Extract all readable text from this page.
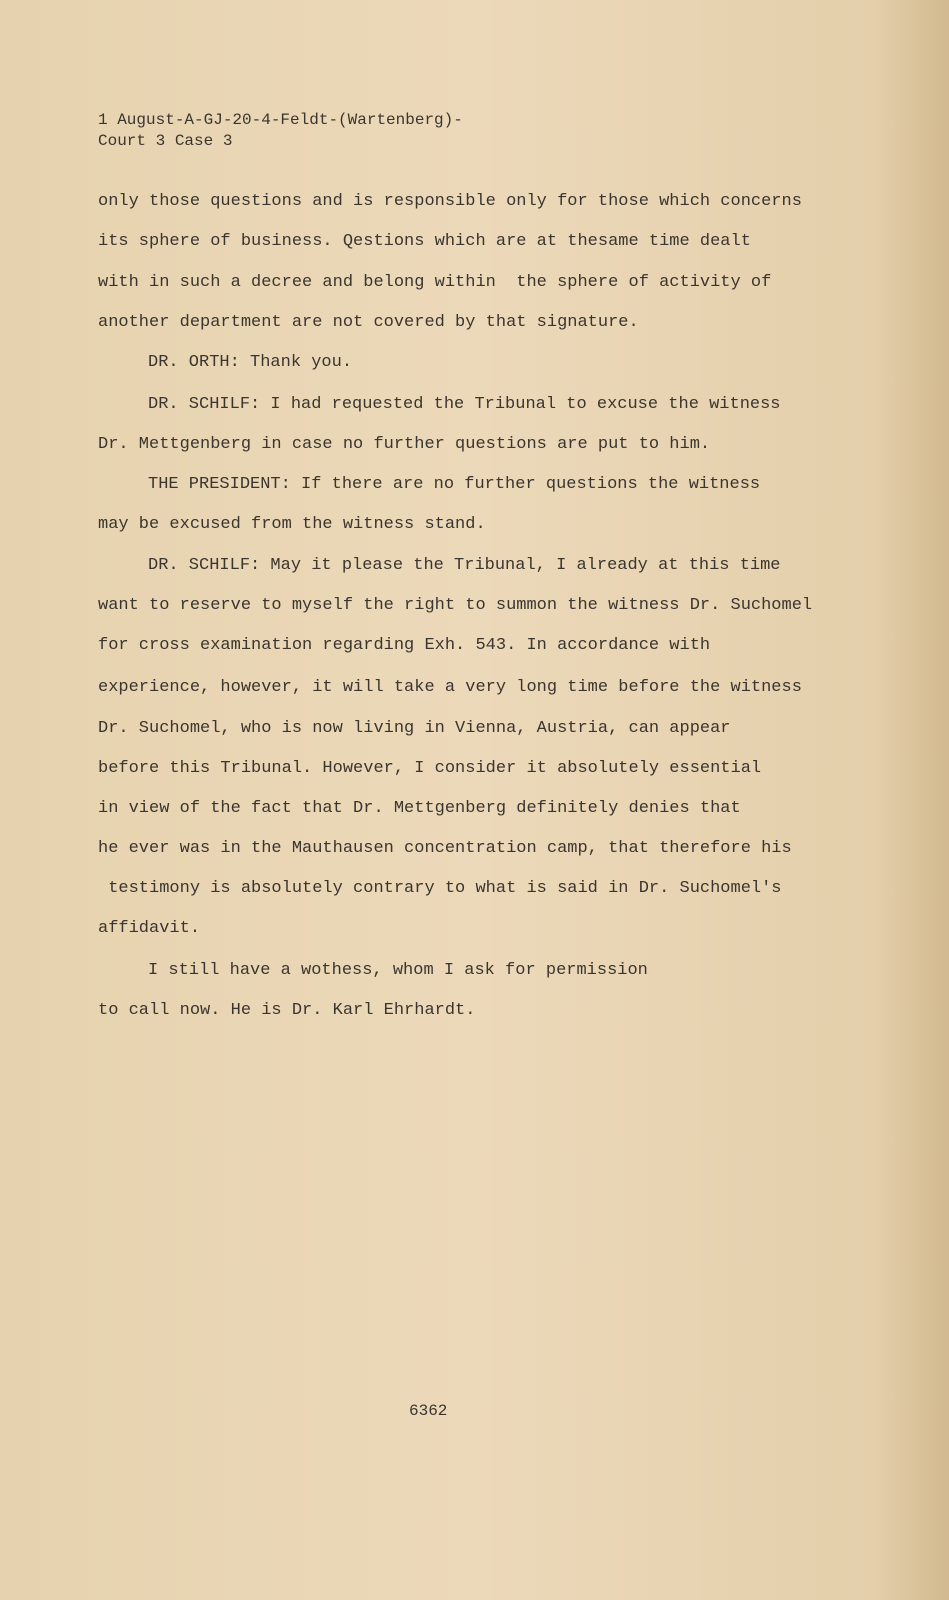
1 August-A-GJ-20-4-Feldt-(Wartenberg)-
Court 3 Case 3
only those questions and is responsible only for those which concerns
its sphere of business. Qestions which are at thesame time dealt
with in such a decree and belong within  the sphere of activity of
another department are not covered by that signature.
DR. ORTH: Thank you.
DR. SCHILF: I had requested the Tribunal to excuse the witness
Dr. Mettgenberg in case no further questions are put to him.
THE PRESIDENT: If there are no further questions the witness
may be excused from the witness stand.
DR. SCHILF: May it please the Tribunal, I already at this time
want to reserve to myself the right to summon the witness Dr. Suchomel
for cross examination regarding Exh. 543. In accordance with
experience, however, it will take a very long time before the witness
Dr. Suchomel, who is now living in Vienna, Austria, can appear
before this Tribunal. However, I consider it absolutely essential
in view of the fact that Dr. Mettgenberg definitely denies that
he ever was in the Mauthausen concentration camp, that therefore his
testimony is absolutely contrary to what is said in Dr. Suchomel's
affidavit.
I still have a wothess, whom I ask for permission
to call now. He is Dr. Karl Ehrhardt.
6362
